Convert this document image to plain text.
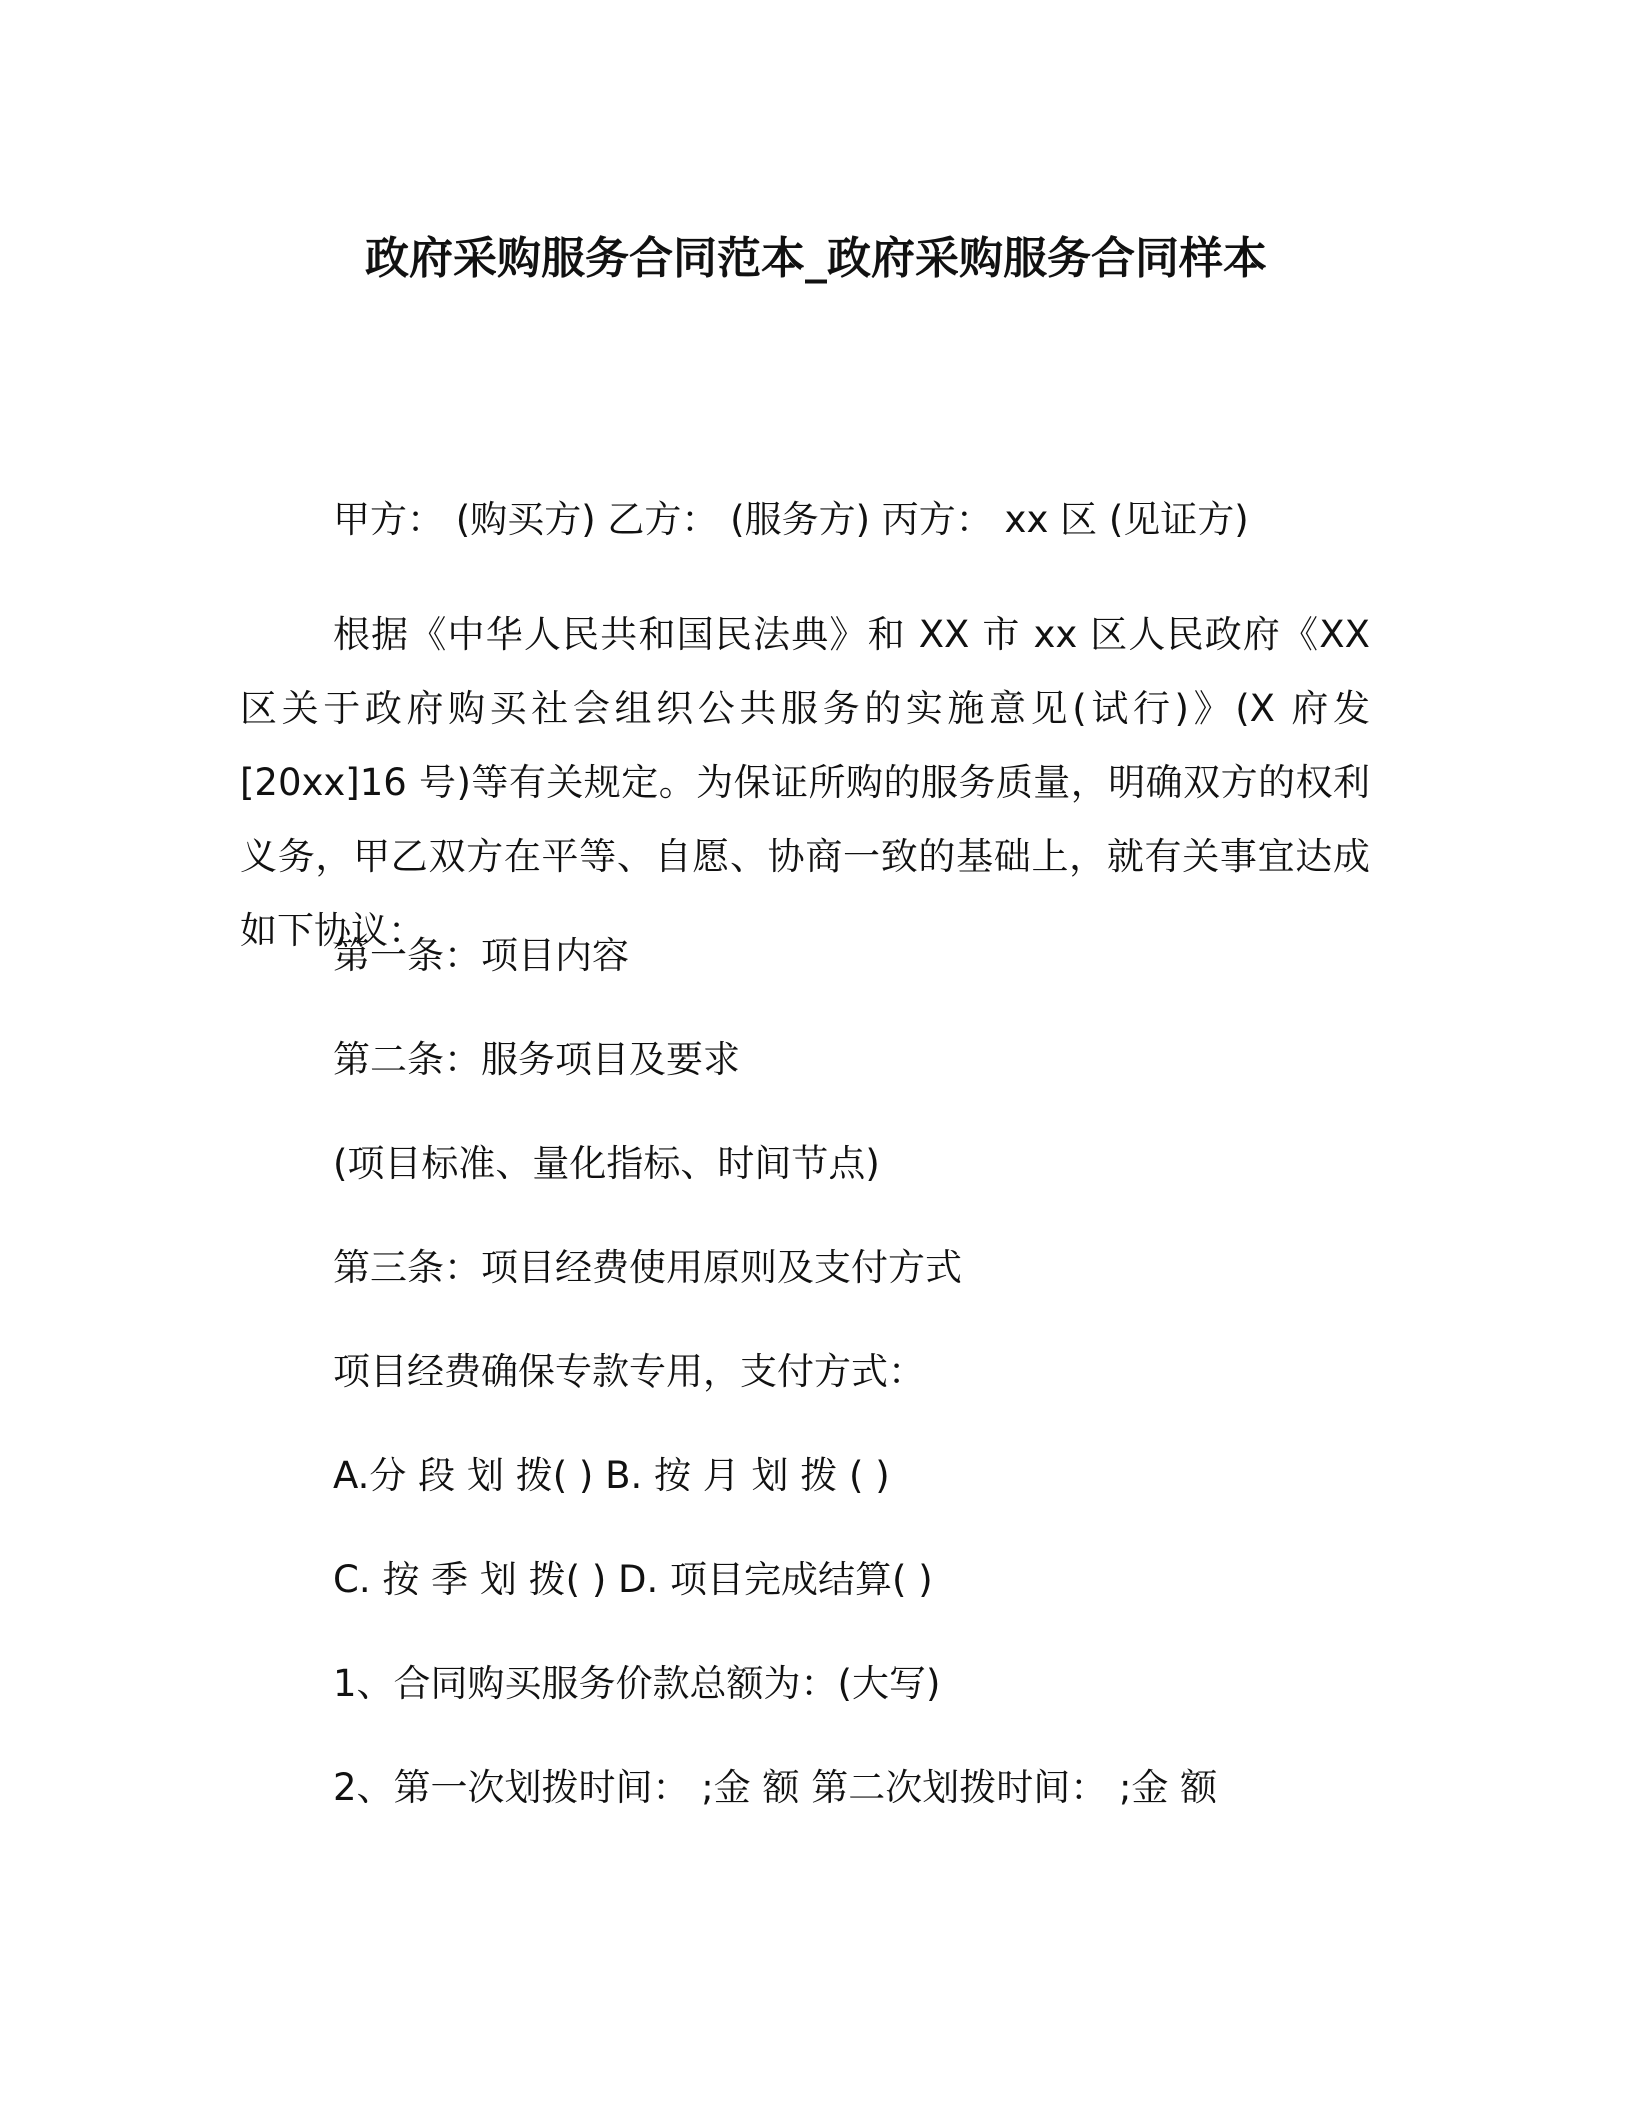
政府采购服务合同范本_政府采购服务合同样本
甲方： (购买方) 乙方： (服务方) 丙方： xx 区 (见证方)
根据《中华人民共和国民法典》和 XX 市 xx 区人民政府《XX 区关于政府购买社会组织公共服务的实施意见(试行)》(X 府发[20xx]16 号)等有关规定。为保证所购的服务质量，明确双方的权利义务，甲乙双方在平等、自愿、协商一致的基础上，就有关事宜达成如下协议：
第一条：项目内容
第二条：服务项目及要求
(项目标准、量化指标、时间节点)
第三条：项目经费使用原则及支付方式
项目经费确保专款专用，支付方式：
A.分 段 划 拨( ) B. 按 月 划 拨 ( )
C. 按 季 划 拨( ) D. 项目完成结算( )
1、合同购买服务价款总额为：(大写)
2、第一次划拨时间： ;金 额 第二次划拨时间： ;金 额
